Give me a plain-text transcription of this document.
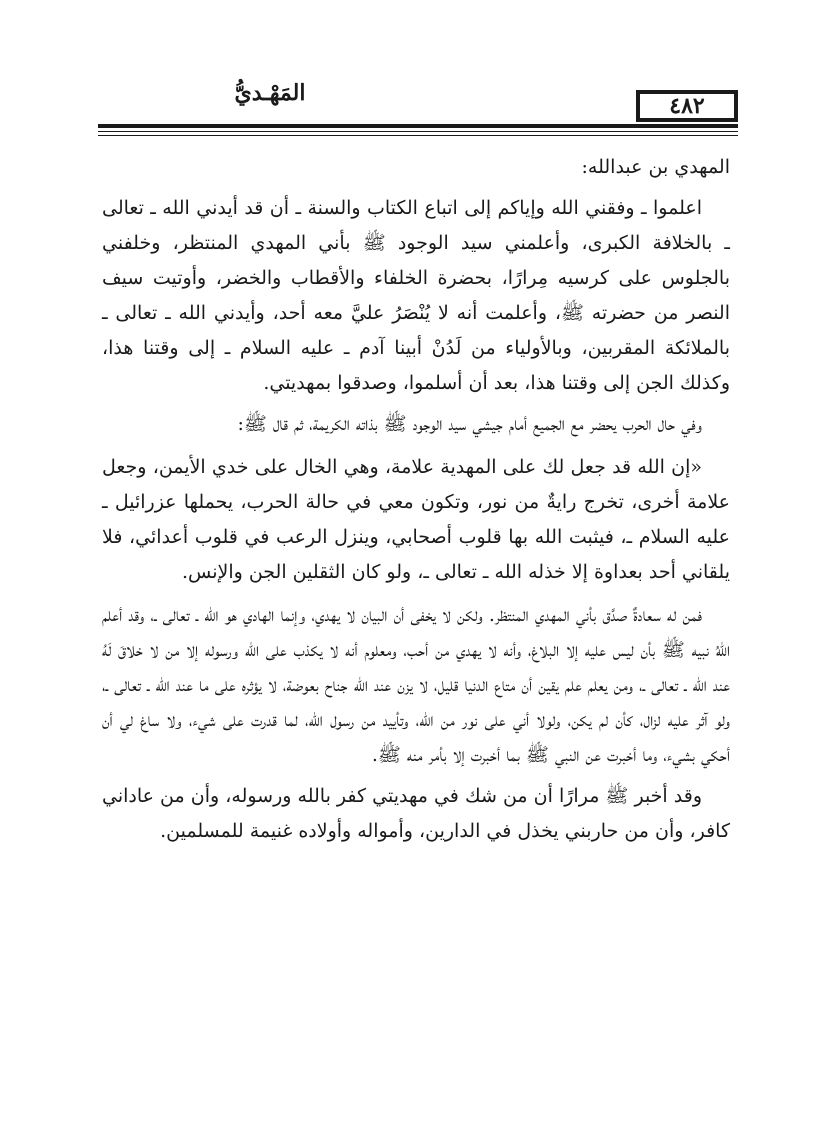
المَهْـديُّ	٤٨٢

المهدي بن عبدالله:

اعلموا ـ وفقني الله وإياكم إلى اتباع الكتاب والسنة ـ أن قد أيدني الله ـ تعالى ـ بالخلافة الكبرى، وأعلمني سيد الوجود ﷺ بأني المهدي المنتظر، وخلفني بالجلوس على كرسيه مِرارًا، بحضرة الخلفاء والأقطاب والخضر، وأوتيت سيف النصر من حضرته ﷺ، وأعلمت أنه لا يُنْصَرُ عليَّ معه أحد، وأيدني الله ـ تعالى ـ بالملائكة المقربين، وبالأولياء من لَدُنْ أبينا آدم ـ عليه السلام ـ إلى وقتنا هذا، وكذلك الجن إلى وقتنا هذا، بعد أن أسلموا، وصدقوا بمهديتي.

وفي حال الحرب يحضر مع الجميع أمام جيشي سيد الوجود ﷺ بذاته الكريمة، ثم قال ﷺ:

«إن الله قد جعل لك على المهدية علامة، وهي الخال على خدي الأيمن، وجعل علامة أخرى، تخرج رايةٌ من نور، وتكون معي في حالة الحرب، يحملها عزرائيل ـ عليه السلام ـ، فيثبت الله بها قلوب أصحابي، وينزل الرعب في قلوب أعدائي، فلا يلقاني أحد بعداوة إلا خذله الله ـ تعالى ـ، ولو كان الثقلين الجن والإنس.

فمن له سعادةٌ صدَّق بأني المهدي المنتظر. ولكن لا يخفى أن البيان لا يهدي، وإنما الهادي هو الله ـ تعالى ـ، وقد أعلم اللهُ نبيه ﷺ بأن ليس عليه إلا البلاغ، وأنه لا يهدي من أحب، ومعلوم أنه لا يكذب على الله ورسوله إلا من لا خلاقَ لَهُ عند الله ـ تعالى ـ، ومن يعلم علم يقين أن متاع الدنيا قليل، لا يزن عند الله جناح بعوضة، لا يؤثره على ما عند الله ـ تعالى ـ، ولو آثر عليه لزال، كأن لم يكن، ولولا أني على نور من الله، وتأييد من رسول الله، لما قدرت على شيء، ولا ساغ لي أن أحكي بشيء، وما أخبرت عن النبي ﷺ بما أخبرت إلا بأمر منه ﷺ.

وقد أخبر ﷺ مرارًا أن من شك في مهديتي كفر بالله ورسوله، وأن من عاداني كافر، وأن من حاربني يخذل في الدارين، وأمواله وأولاده غنيمة للمسلمين.
